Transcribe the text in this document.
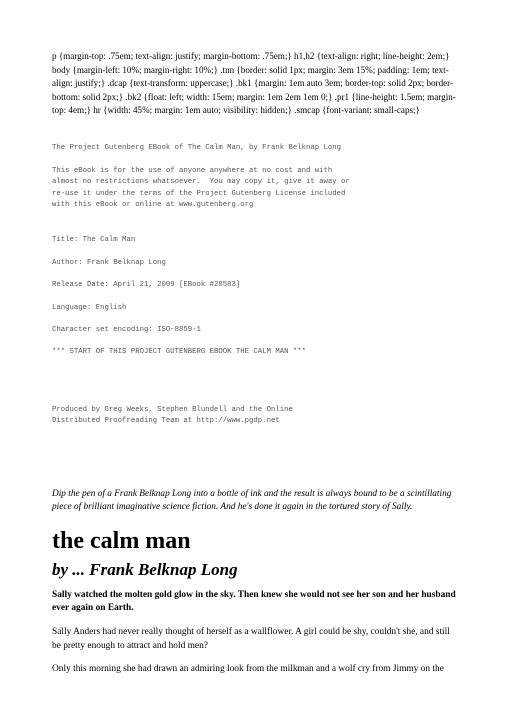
p {margin-top: .75em; text-align: justify; margin-bottom: .75em;} h1,h2 {text-align: right; line-height: 2em;} body {margin-left: 10%; margin-right: 10%;} .tnn {border: solid 1px; margin: 3em 15%; padding: 1em; text-align: justify;} .dcap {text-transform: uppercase;} .bk1 {margin: 1em auto 3em; border-top: solid 2px; border-bottom: solid 2px;} .bk2 {float: left; width: 15em; margin: 1em 2em 1em 0;} .pr1 {line-height: 1.5em; margin-top: 4em;} hr {width: 45%; margin: 1em auto; visibility: hidden;} .smcap {font-variant: small-caps;}

The Project Gutenberg EBook of The Calm Man, by Frank Belknap Long
This eBook is for the use of anyone anywhere at no cost and with
almost no restrictions whatsoever.  You may copy it, give it away or
re-use it under the terms of the Project Gutenberg License included
with this eBook or online at www.gutenberg.org
Title: The Calm Man
Author: Frank Belknap Long
Release Date: April 21, 2009 [EBook #28583]
Language: English
Character set encoding: ISO-8859-1
*** START OF THIS PROJECT GUTENBERG EBOOK THE CALM MAN ***
Produced by Greg Weeks, Stephen Blundell and the Online
Distributed Proofreading Team at http://www.pgdp.net

Dip the pen of a Frank Belknap Long into a bottle of ink and the result is always bound to be a scintillating piece of brilliant imaginative science fiction. And he's done it again in the tortured story of Sally.

the calm man
by ... Frank Belknap Long

Sally watched the molten gold glow in the sky. Then knew she would not see her son and her husband ever again on Earth.

Sally Anders had never really thought of herself as a wallflower. A girl could be shy, couldn't she, and still be pretty enough to attract and hold men?

Only this morning she had drawn an admiring look from the milkman and a wolf cry from Jimmy on the
